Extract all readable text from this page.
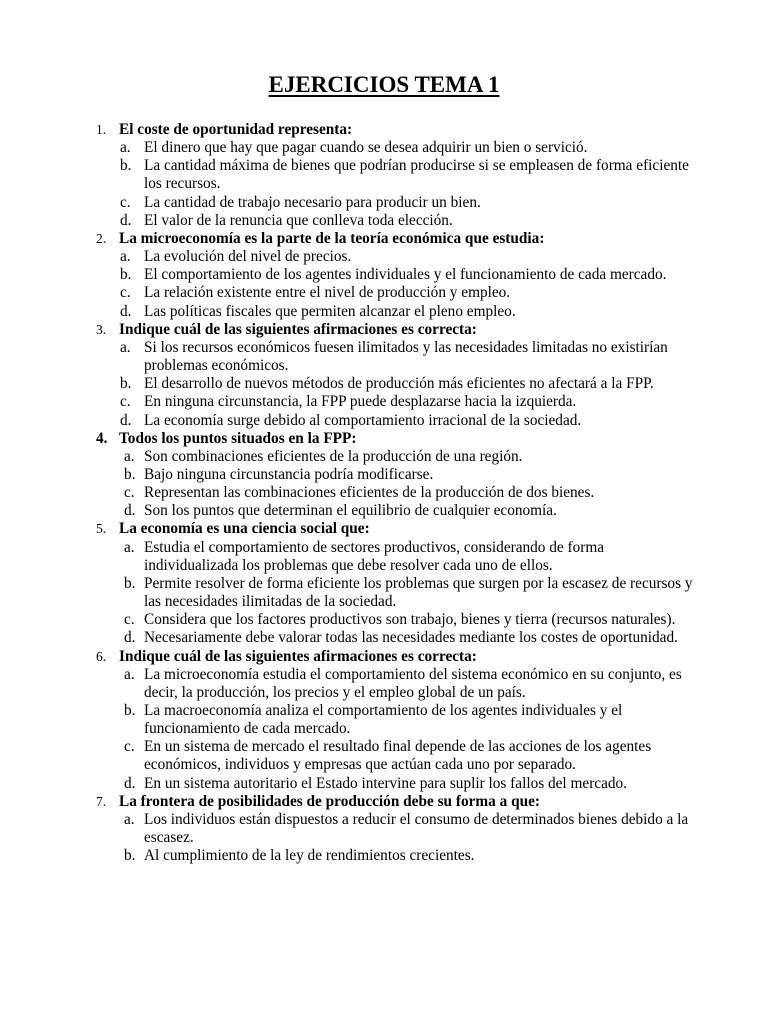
EJERCICIOS TEMA 1
1. El coste de oportunidad representa:
a. El dinero que hay que pagar cuando se desea adquirir un bien o servició.
b. La cantidad máxima de bienes que podrían producirse si se empleasen de forma eficiente los recursos.
c. La cantidad de trabajo necesario para producir un bien.
d. El valor de la renuncia que conlleva toda elección.
2. La microeconomía es la parte de la teoría económica que estudia:
a. La evolución del nivel de precios.
b. El comportamiento de los agentes individuales y el funcionamiento de cada mercado.
c. La relación existente entre el nivel de producción y empleo.
d. Las políticas fiscales que permiten alcanzar el pleno empleo.
3. Indique cuál de las siguientes afirmaciones es correcta:
a. Si los recursos económicos fuesen ilimitados y las necesidades limitadas no existirían problemas económicos.
b. El desarrollo de nuevos métodos de producción más eficientes no afectará a la FPP.
c. En ninguna circunstancia, la FPP puede desplazarse hacia la izquierda.
d. La economía surge debido al comportamiento irracional de la sociedad.
4. Todos los puntos situados en la FPP:
a. Son combinaciones eficientes de la producción de una región.
b. Bajo ninguna circunstancia podría modificarse.
c. Representan las combinaciones eficientes de la producción de dos bienes.
d. Son los puntos que determinan el equilibrio de cualquier economía.
5. La economía es una ciencia social que:
a. Estudia el comportamiento de sectores productivos, considerando de forma individualizada los problemas que debe resolver cada uno de ellos.
b. Permite resolver de forma eficiente los problemas que surgen por la escasez de recursos y las necesidades ilimitadas de la sociedad.
c. Considera que los factores productivos son trabajo, bienes y tierra (recursos naturales).
d. Necesariamente debe valorar todas las necesidades mediante los costes de oportunidad.
6. Indique cuál de las siguientes afirmaciones es correcta:
a. La microeconomía estudia el comportamiento del sistema económico en su conjunto, es decir, la producción, los precios y el empleo global de un país.
b. La macroeconomía analiza el comportamiento de los agentes individuales y el funcionamiento de cada mercado.
c. En un sistema de mercado el resultado final depende de las acciones de los agentes económicos, individuos y empresas que actúan cada uno por separado.
d. En un sistema autoritario el Estado intervine para suplir los fallos del mercado.
7. La frontera de posibilidades de producción debe su forma a que:
a. Los individuos están dispuestos a reducir el consumo de determinados bienes debido a la escasez.
b. Al cumplimiento de la ley de rendimientos crecientes.
